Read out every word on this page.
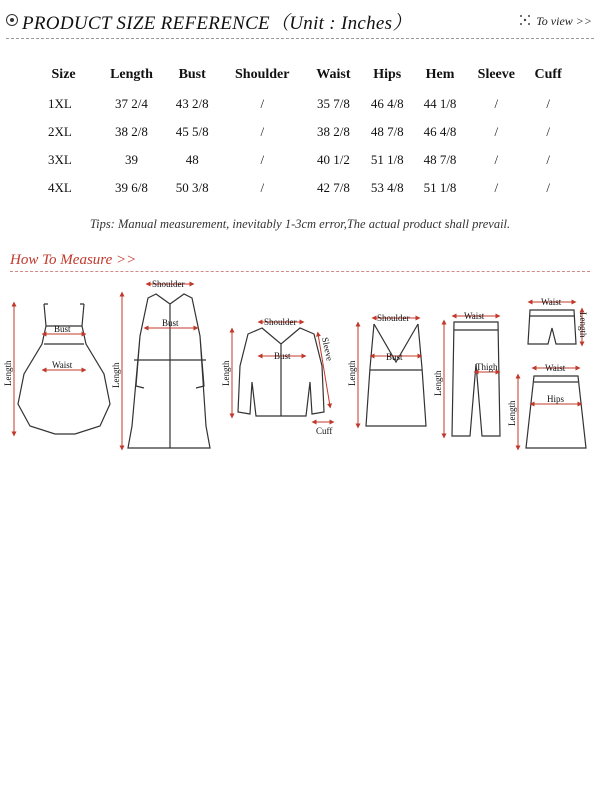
PRODUCT SIZE REFERENCE（Unit : Inches）	To view >>
Size	Length	Bust	Shoulder	Waist	Hips	Hem	Sleeve	Cuff
1XL	37 2/4	43 2/8	/	35 7/8	46 4/8	44 1/8	/	/
2XL	38 2/8	45 5/8	/	38 2/8	48 7/8	46 4/8	/	/
3XL	39	48	/	40 1/2	51 1/8	48 7/8	/	/
4XL	39 6/8	50 3/8	/	42 7/8	53 4/8	51 1/8	/	/
Tips: Manual measurement, inevitably 1-3cm error,The actual product shall prevail.
How To Measure >>
Bust
Waist
Length
Shoulder
Bust
Length
Shoulder
Bust
Length
Sleeve
Cuff
Shoulder
Bust
Length
Waist
Thigh
Length
Waist
Length
Waist
Hips
Length
